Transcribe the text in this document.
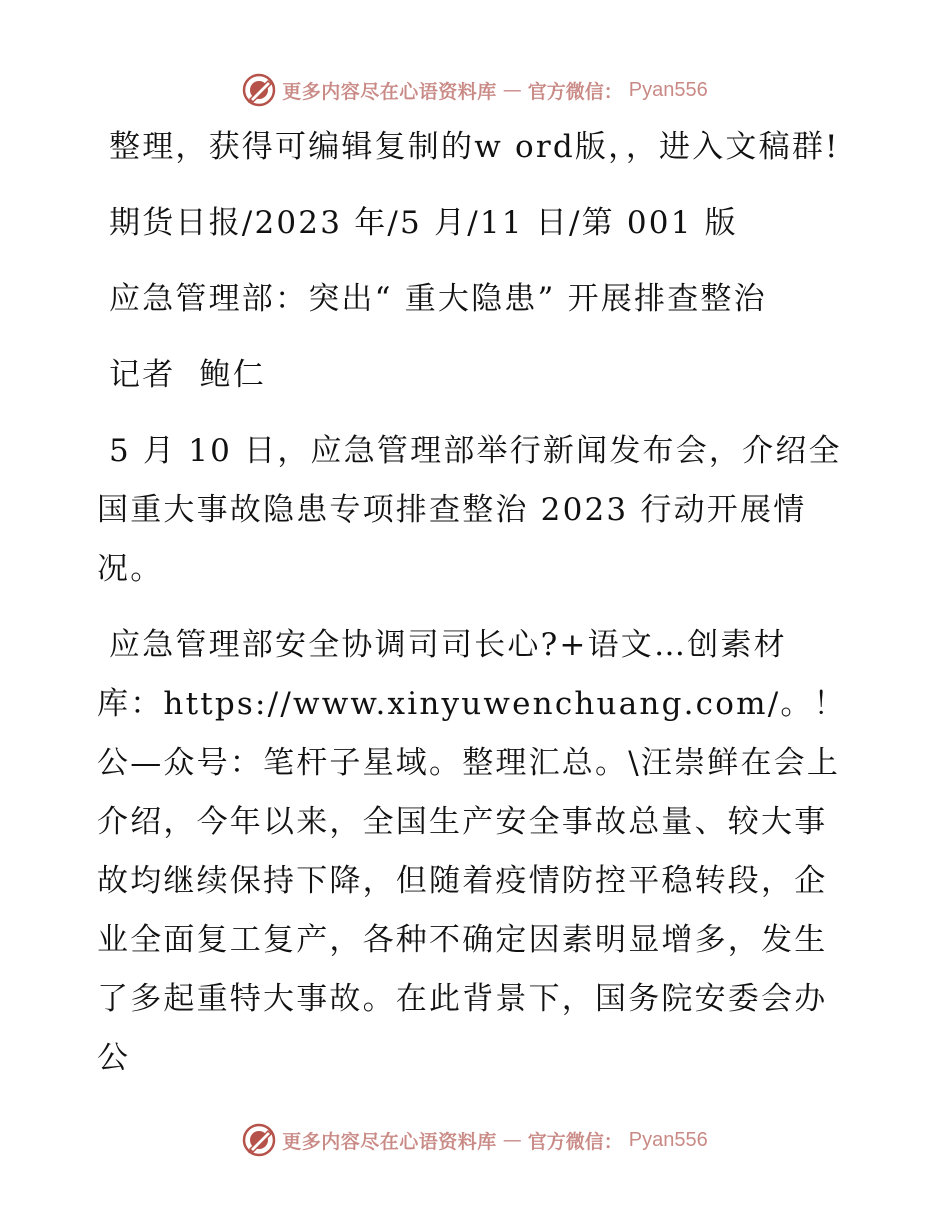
更多内容尽在心语资料库 — 官方微信： Pyan556

整理，获得可编辑复制的w ord版，，进入文稿群!

期货日报/2023 年/5 月/11 日/第 001 版

应急管理部：突出“ 重大隐患” 开展排查整治

记者  鲍仁

5 月 10 日，应急管理部举行新闻发布会，介绍全国重大事故隐患专项排查整治 2023 行动开展情况。

应急管理部安全协调司司长心?+语文…创素材库：https://www.xinyuwenchuang.com/。！公—众号：笔杆子星域。整理汇总。\汪崇鲜在会上介绍，今年以来，全国生产安全事故总量、较大事故均继续保持下降，但随着疫情防控平稳转段，企业全面复工复产，各种不确定因素明显增多，发生了多起重特大事故。在此背景下，国务院安委会办公

更多内容尽在心语资料库 — 官方微信： Pyan556
